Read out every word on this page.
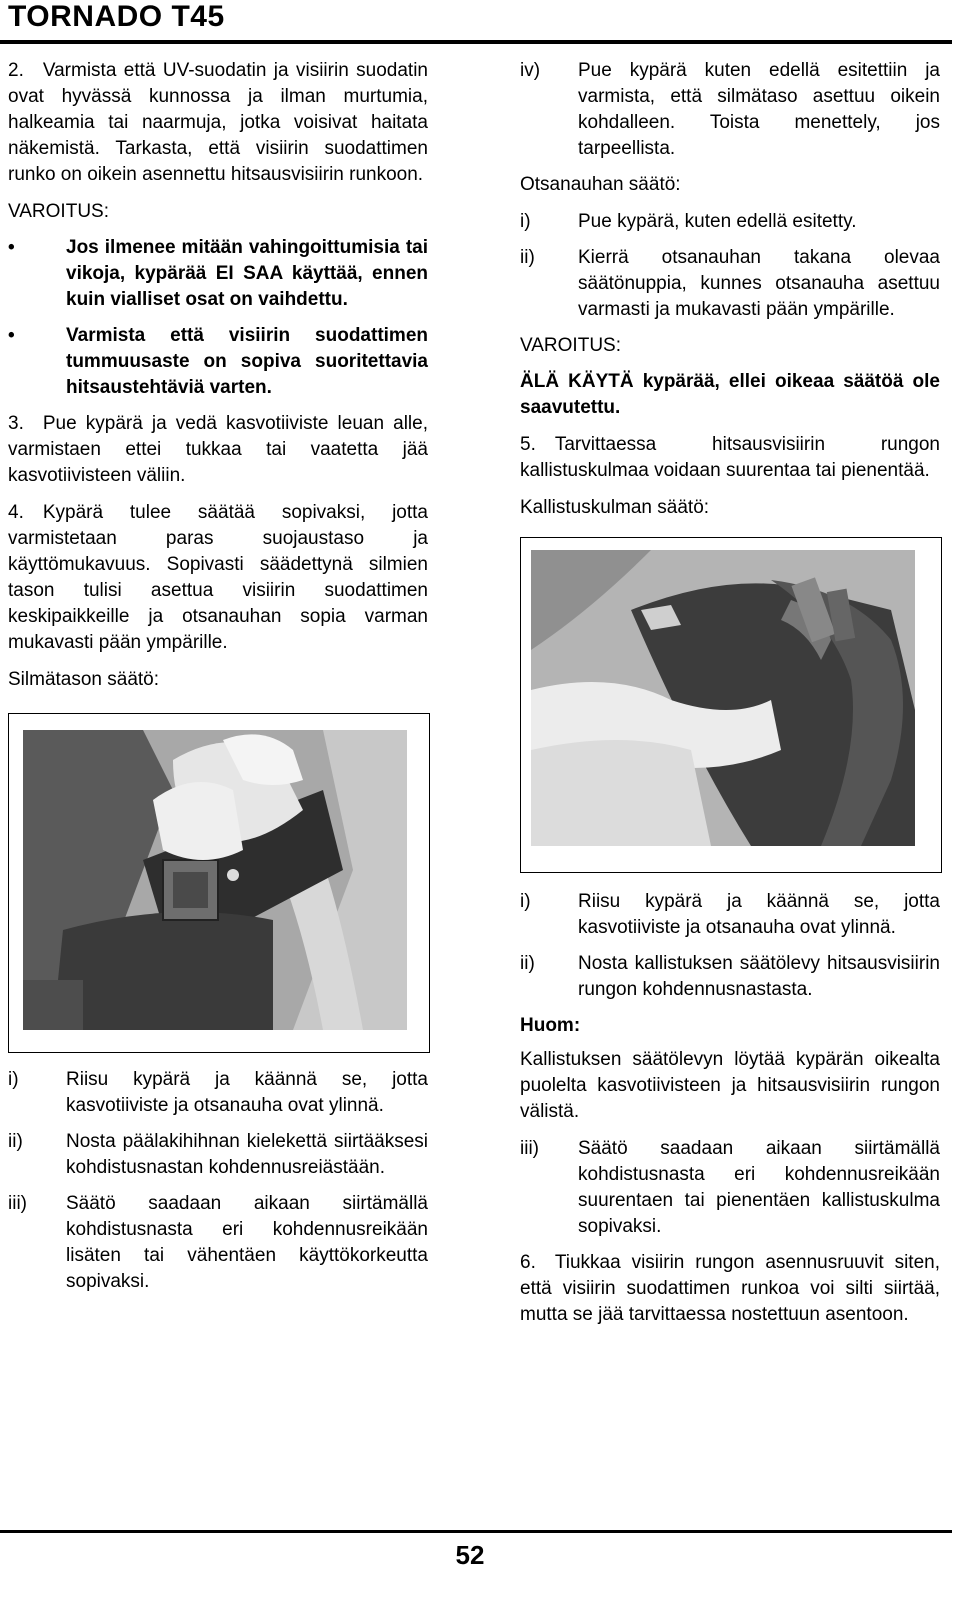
TORNADO T45

2. Varmista että UV-suodatin ja visiirin suodatin ovat hyvässä kunnossa ja ilman murtumia, halkeamia tai naarmuja, jotka voisivat haitata näkemistä. Tarkasta, että visiirin suodattimen runko on oikein asennettu hitsausvisiirin runkoon.

VAROITUS:

•	Jos ilmenee mitään vahingoittumisia tai vikoja, kypärää EI SAA käyttää, ennen kuin vialliset osat on vaihdettu.
•	Varmista että visiirin suodattimen tummuusaste on sopiva suoritettavia hitsaustehtäviä varten.

3. Pue kypärä ja vedä kasvotiiviste leuan alle, varmistaen ettei tukkaa tai vaatetta jää kasvotiivisteen väliin.

4. Kypärä tulee säätää sopivaksi, jotta varmistetaan paras suojaustaso ja käyttömukavuus. Sopivasti säädettynä silmien tason tulisi asettua visiirin suodattimen keskipaikkeille ja otsanauhan sopia varman mukavasti pään ympärille.

Silmätason säätö:

i) Riisu kypärä ja käännä se, jotta kasvotiiviste ja otsanauha ovat ylinnä.
ii) Nosta päälakihihnan kielekettä siirtääksesi kohdistusnastan kohdennusreiästään.
iii) Säätö saadaan aikaan siirtämällä kohdistusnasta eri kohdennusreikään lisäten tai vähentäen käyttökorkeutta sopivaksi.
iv) Pue kypärä kuten edellä esitettiin ja varmista, että silmätaso asettuu oikein kohdalleen. Toista menettely, jos tarpeellista.

Otsanauhan säätö:

i) Pue kypärä, kuten edellä esitetty.
ii) Kierrä otsanauhan takana olevaa säätönuppia, kunnes otsanauha asettuu varmasti ja mukavasti pään ympärille.

VAROITUS:

ÄLÄ KÄYTÄ kypärää, ellei oikeaa säätöä ole saavutettu.

5. Tarvittaessa hitsausvisiirin rungon kallistuskulmaa voidaan suurentaa tai pienentää.

Kallistuskulman säätö:

i) Riisu kypärä ja käännä se, jotta kasvotiiviste ja otsanauha ovat ylinnä.
ii) Nosta kallistuksen säätölevy hitsausvisiirin rungon kohdennusnastasta.

Huom:

Kallistuksen säätölevyn löytää kypärän oikealta puolelta kasvotiivisteen ja hitsausvisiirin rungon välistä.

iii) Säätö saadaan aikaan siirtämällä kohdistusnasta eri kohdennusreikään suurentaen tai pienentäen kallistuskulma sopivaksi.

6. Tiukkaa visiirin rungon asennusruuvit siten, että visiirin suodattimen runkoa voi silti siirtää, mutta se jää tarvittaessa nostettuun asentoon.

52
